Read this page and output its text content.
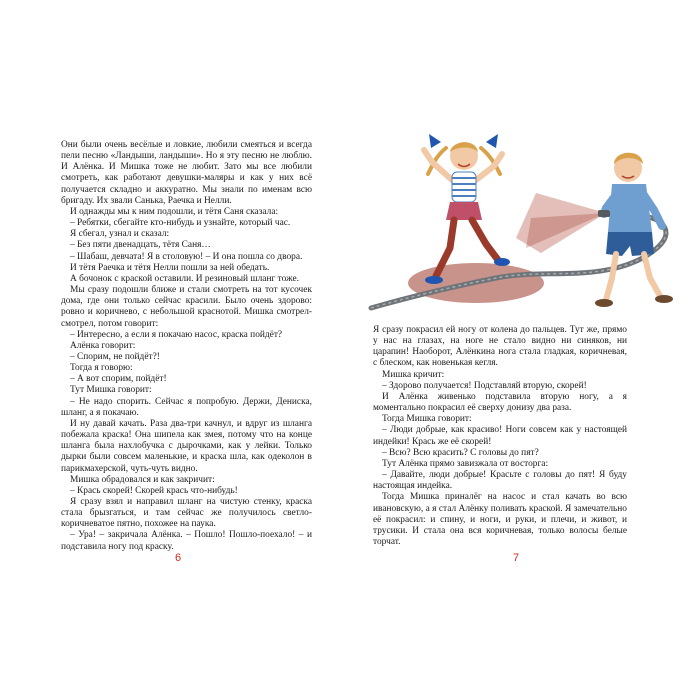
Они были очень весёлые и ловкие, любили смеяться и всегда пели песню «Ландыши, ландыши». Но я эту песню не люблю. И Алёнка. И Мишка тоже не любит. Зато мы все любили смотреть, как работают девушки-маляры и как у них всё получается складно и аккуратно. Мы знали по именам всю бригаду. Их звали Санька, Раечка и Нелли.

И однажды мы к ним подошли, и тётя Саня сказала:

– Ребятки, сбегайте кто-нибудь и узнайте, который час.

Я сбегал, узнал и сказал:

– Без пяти двенадцать, тётя Саня…

– Шабаш, девчата! Я в столовую! – И она пошла со двора.

И тётя Раечка и тётя Нелли пошли за ней обедать.

А бочонок с краской оставили. И резиновый шланг тоже.

Мы сразу подошли ближе и стали смотреть на тот кусочек дома, где они только сейчас красили. Было очень здорово: ровно и коричнево, с небольшой краснотой. Мишка смотрел-смотрел, потом говорит:

– Интересно, а если я покачаю насос, краска пойдёт?

Алёнка говорит:

– Спорим, не пойдёт?!

Тогда я говорю:

– А вот спорим, пойдёт!

Тут Мишка говорит:

– Не надо спорить. Сейчас я попробую. Держи, Дениска, шланг, а я покачаю.

И ну давай качать. Раза два-три качнул, и вдруг из шланга побежала краска! Она шипела как змея, потому что на конце шланга была нахлобучка с дырочками, как у лейки. Только дырки были совсем маленькие, и краска шла, как одеколон в парикмахерской, чуть-чуть видно.

Мишка обрадовался и как закричит:

– Крась скорей! Скорей крась что-нибудь!

Я сразу взял и направил шланг на чистую стенку, краска стала брызгаться, и там сейчас же получилось светло-коричневатое пятно, похожее на паука.

– Ура! – закричала Алёнка. – Пошло! Пошло-поехало! – и подставила ногу под краску.

6

Я сразу покрасил ей ногу от колена до пальцев. Тут же, прямо у нас на глазах, на ноге не стало видно ни синяков, ни царапин! Наоборот, Алёнкина нога стала гладкая, коричневая, с блеском, как новенькая кегля.

Мишка кричит:

– Здорово получается! Подставляй вторую, скорей!

И Алёнка живенько подставила вторую ногу, а я моментально покрасил её сверху донизу два раза.

Тогда Мишка говорит:

– Люди добрые, как красиво! Ноги совсем как у настоящей индейки! Крась же её скорей!

– Всю? Всю красить? С головы до пят?

Тут Алёнка прямо завизжала от восторга:

– Давайте, люди добрые! Красьте с головы до пят! Я буду настоящая индейка.

Тогда Мишка приналёг на насос и стал качать во всю ивановскую, а я стал Алёнку поливать краской. Я замечательно её покрасил: и спину, и ноги, и руки, и плечи, и живот, и трусики. И стала она вся коричневая, только волосы белые торчат.

7
